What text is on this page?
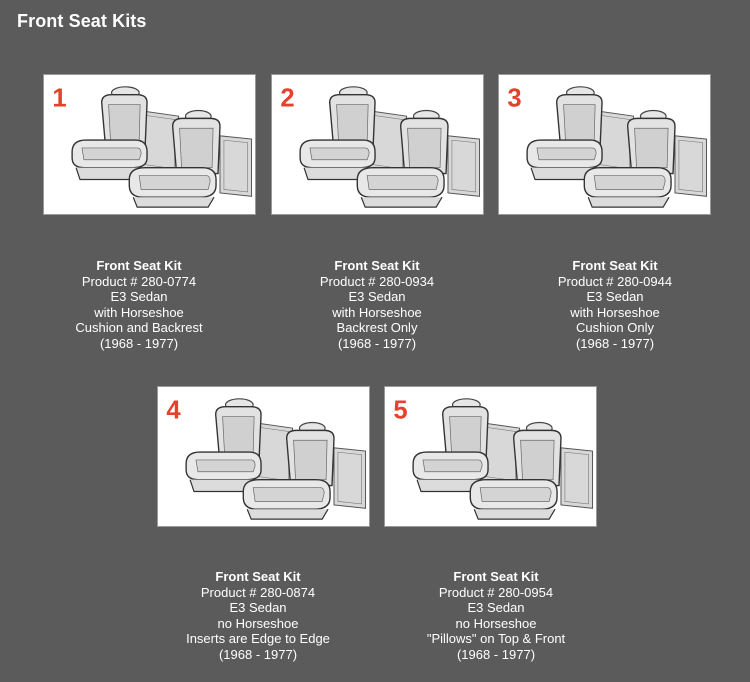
Front Seat Kits
1
Front Seat Kit
Product # 280-0774
E3 Sedan
with Horseshoe
Cushion and Backrest
(1968 - 1977)
2
Front Seat Kit
Product # 280-0934
E3 Sedan
with Horseshoe
Backrest Only
(1968 - 1977)
3
Front Seat Kit
Product # 280-0944
E3 Sedan
with Horseshoe
Cushion Only
(1968 - 1977)
4
Front Seat Kit
Product # 280-0874
E3 Sedan
no Horseshoe
Inserts are Edge to Edge
(1968 - 1977)
5
Front Seat Kit
Product # 280-0954
E3 Sedan
no Horseshoe
"Pillows" on Top & Front
(1968 - 1977)
